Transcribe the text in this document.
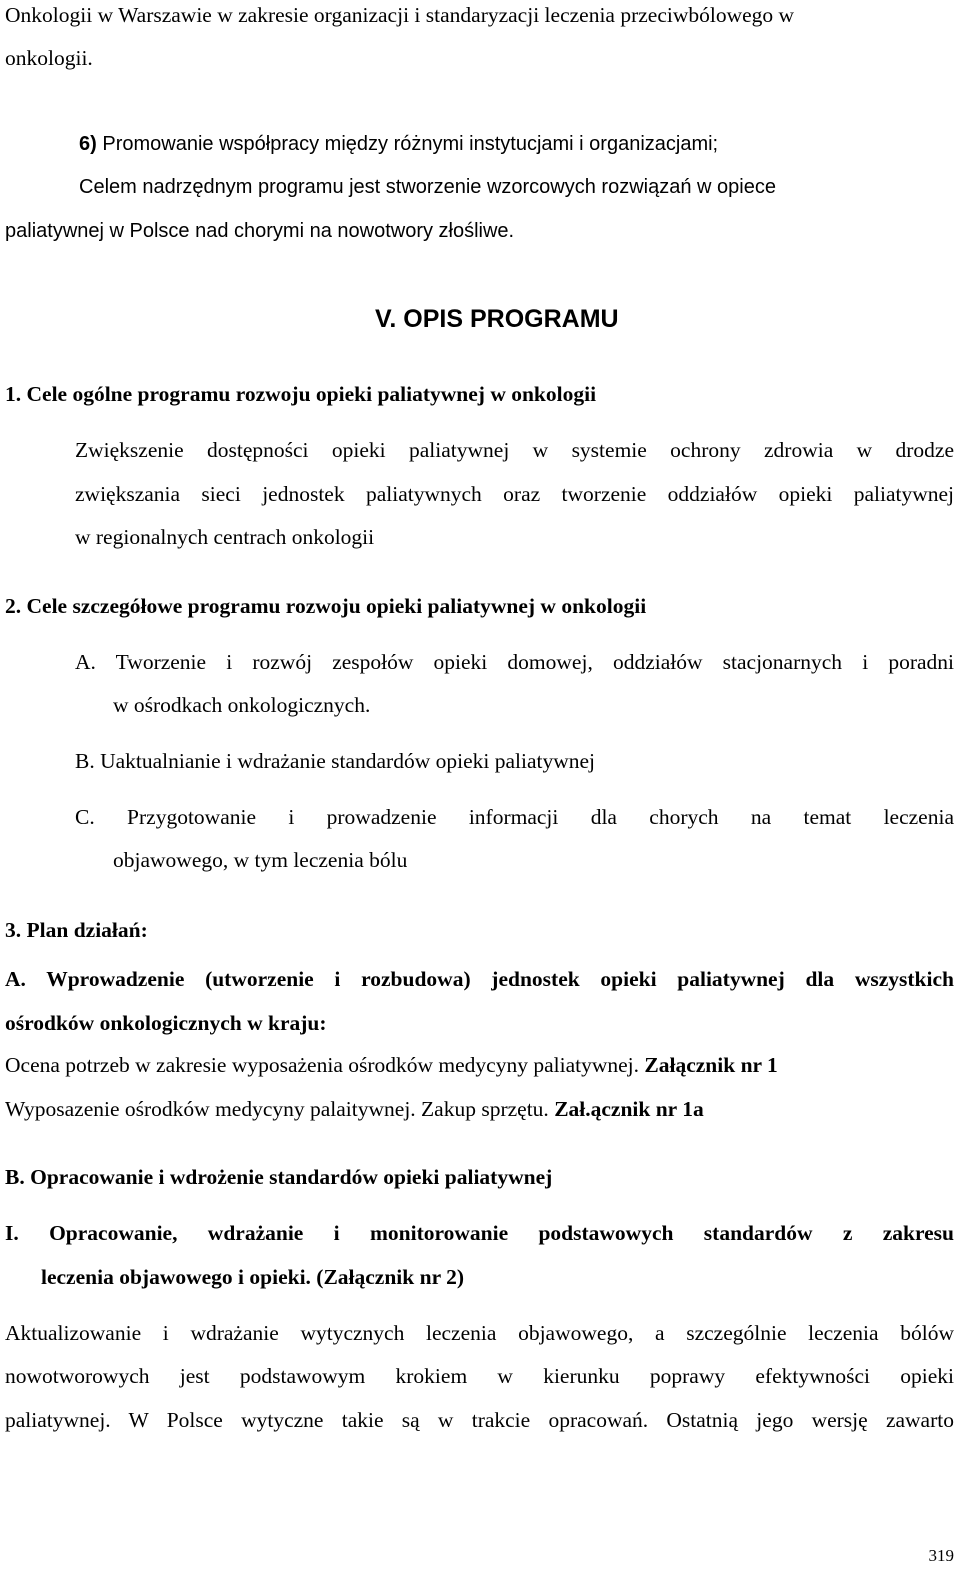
Onkologii w Warszawie w zakresie organizacji i standaryzacji leczenia przeciwbólowego w
onkologii.
6) Promowanie współpracy między różnymi instytucjami i organizacjami;
Celem nadrzędnym programu jest stworzenie wzorcowych rozwiązań w opiece
paliatywnej w Polsce nad chorymi na nowotwory złośliwe.
V. OPIS PROGRAMU
1. Cele ogólne programu rozwoju opieki paliatywnej w onkologii
Zwiększenie dostępności opieki paliatywnej w systemie ochrony zdrowia w drodze
zwiększania sieci jednostek paliatywnych oraz tworzenie oddziałów opieki paliatywnej
w regionalnych centrach onkologii
2. Cele szczegółowe programu rozwoju opieki paliatywnej w onkologii
A. Tworzenie i rozwój zespołów opieki domowej, oddziałów stacjonarnych i poradni
w ośrodkach onkologicznych.
B. Uaktualnianie i wdrażanie standardów opieki paliatywnej
C. Przygotowanie i prowadzenie informacji dla chorych na temat leczenia
objawowego, w tym leczenia bólu
3. Plan działań:
A. Wprowadzenie (utworzenie i rozbudowa) jednostek opieki paliatywnej dla wszystkich
ośrodków onkologicznych w kraju:
Ocena potrzeb w zakresie wyposażenia ośrodków medycyny paliatywnej. Załącznik nr 1
Wyposazenie ośrodków medycyny palaitywnej. Zakup sprzętu. Zał.ącznik nr 1a
B. Opracowanie i wdrożenie standardów opieki paliatywnej
I. Opracowanie, wdrażanie i monitorowanie podstawowych standardów z zakresu
leczenia objawowego i opieki. (Załącznik nr 2)
Aktualizowanie i wdrażanie wytycznych leczenia objawowego, a szczególnie leczenia bólów
nowotworowych jest podstawowym krokiem w kierunku poprawy efektywności opieki
paliatywnej. W Polsce wytyczne takie są w trakcie opracowań. Ostatnią jego wersję zawarto
319
